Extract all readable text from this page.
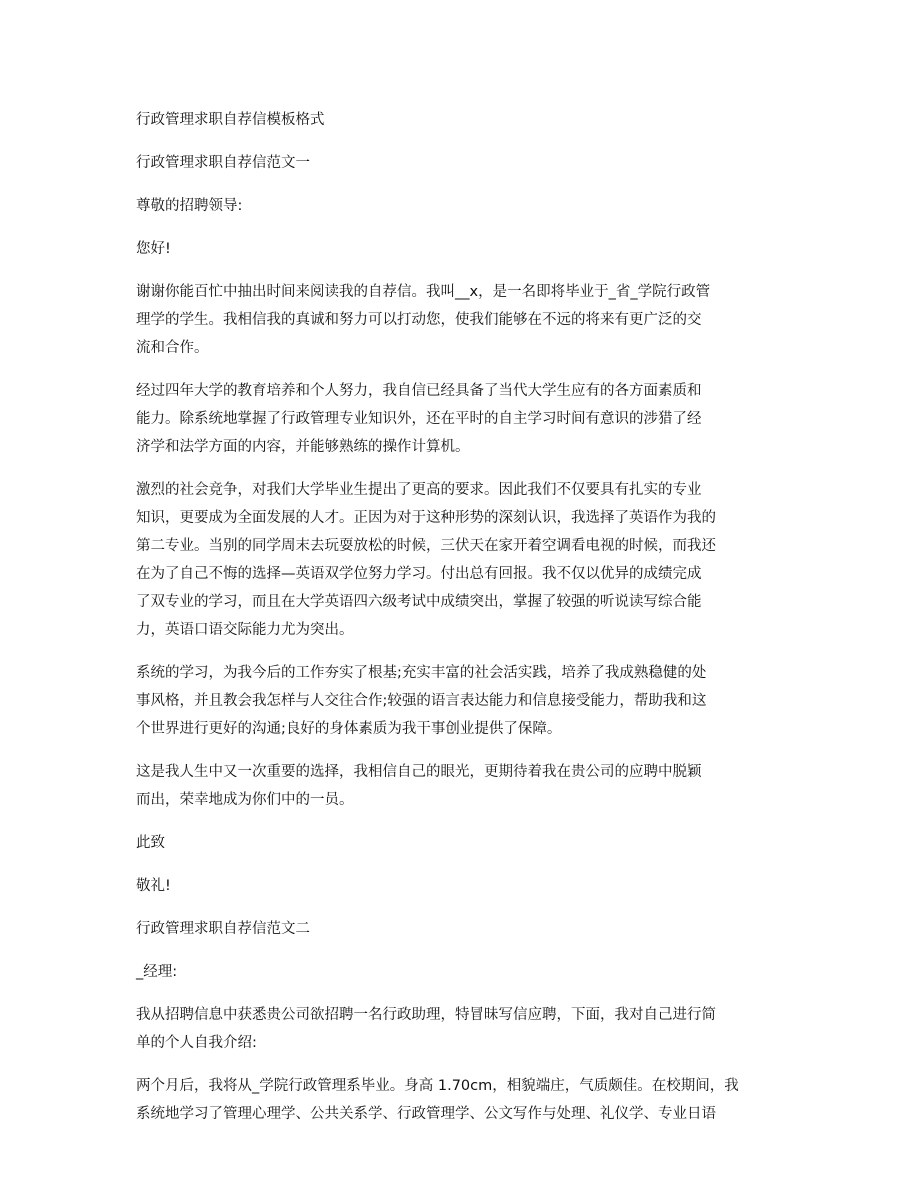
行政管理求职自荐信模板格式
行政管理求职自荐信范文一
尊敬的招聘领导:
您好!
谢谢你能百忙中抽出时间来阅读我的自荐信。我叫__x，是一名即将毕业于_省_学院行政管
理学的学生。我相信我的真诚和努力可以打动您，使我们能够在不远的将来有更广泛的交
流和合作。
经过四年大学的教育培养和个人努力，我自信已经具备了当代大学生应有的各方面素质和
能力。除系统地掌握了行政管理专业知识外，还在平时的自主学习时间有意识的涉猎了经
济学和法学方面的内容，并能够熟练的操作计算机。
激烈的社会竞争，对我们大学毕业生提出了更高的要求。因此我们不仅要具有扎实的专业
知识，更要成为全面发展的人才。正因为对于这种形势的深刻认识，我选择了英语作为我的
第二专业。当别的同学周末去玩耍放松的时候，三伏天在家开着空调看电视的时候，而我还
在为了自己不悔的选择—英语双学位努力学习。付出总有回报。我不仅以优异的成绩完成
了双专业的学习，而且在大学英语四六级考试中成绩突出，掌握了较强的听说读写综合能
力，英语口语交际能力尤为突出。
系统的学习，为我今后的工作夯实了根基;充实丰富的社会活实践，培养了我成熟稳健的处
事风格，并且教会我怎样与人交往合作;较强的语言表达能力和信息接受能力，帮助我和这
个世界进行更好的沟通;良好的身体素质为我干事创业提供了保障。
这是我人生中又一次重要的选择，我相信自己的眼光，更期待着我在贵公司的应聘中脱颖
而出，荣幸地成为你们中的一员。
此致
敬礼!
行政管理求职自荐信范文二
_经理:
我从招聘信息中获悉贵公司欲招聘一名行政助理，特冒昧写信应聘，下面，我对自己进行简
单的个人自我介绍:
两个月后，我将从_学院行政管理系毕业。身高 1.70cm，相貌端庄，气质颇佳。在校期间，我
系统地学习了管理心理学、公共关系学、行政管理学、公文写作与处理、礼仪学、专业日语
